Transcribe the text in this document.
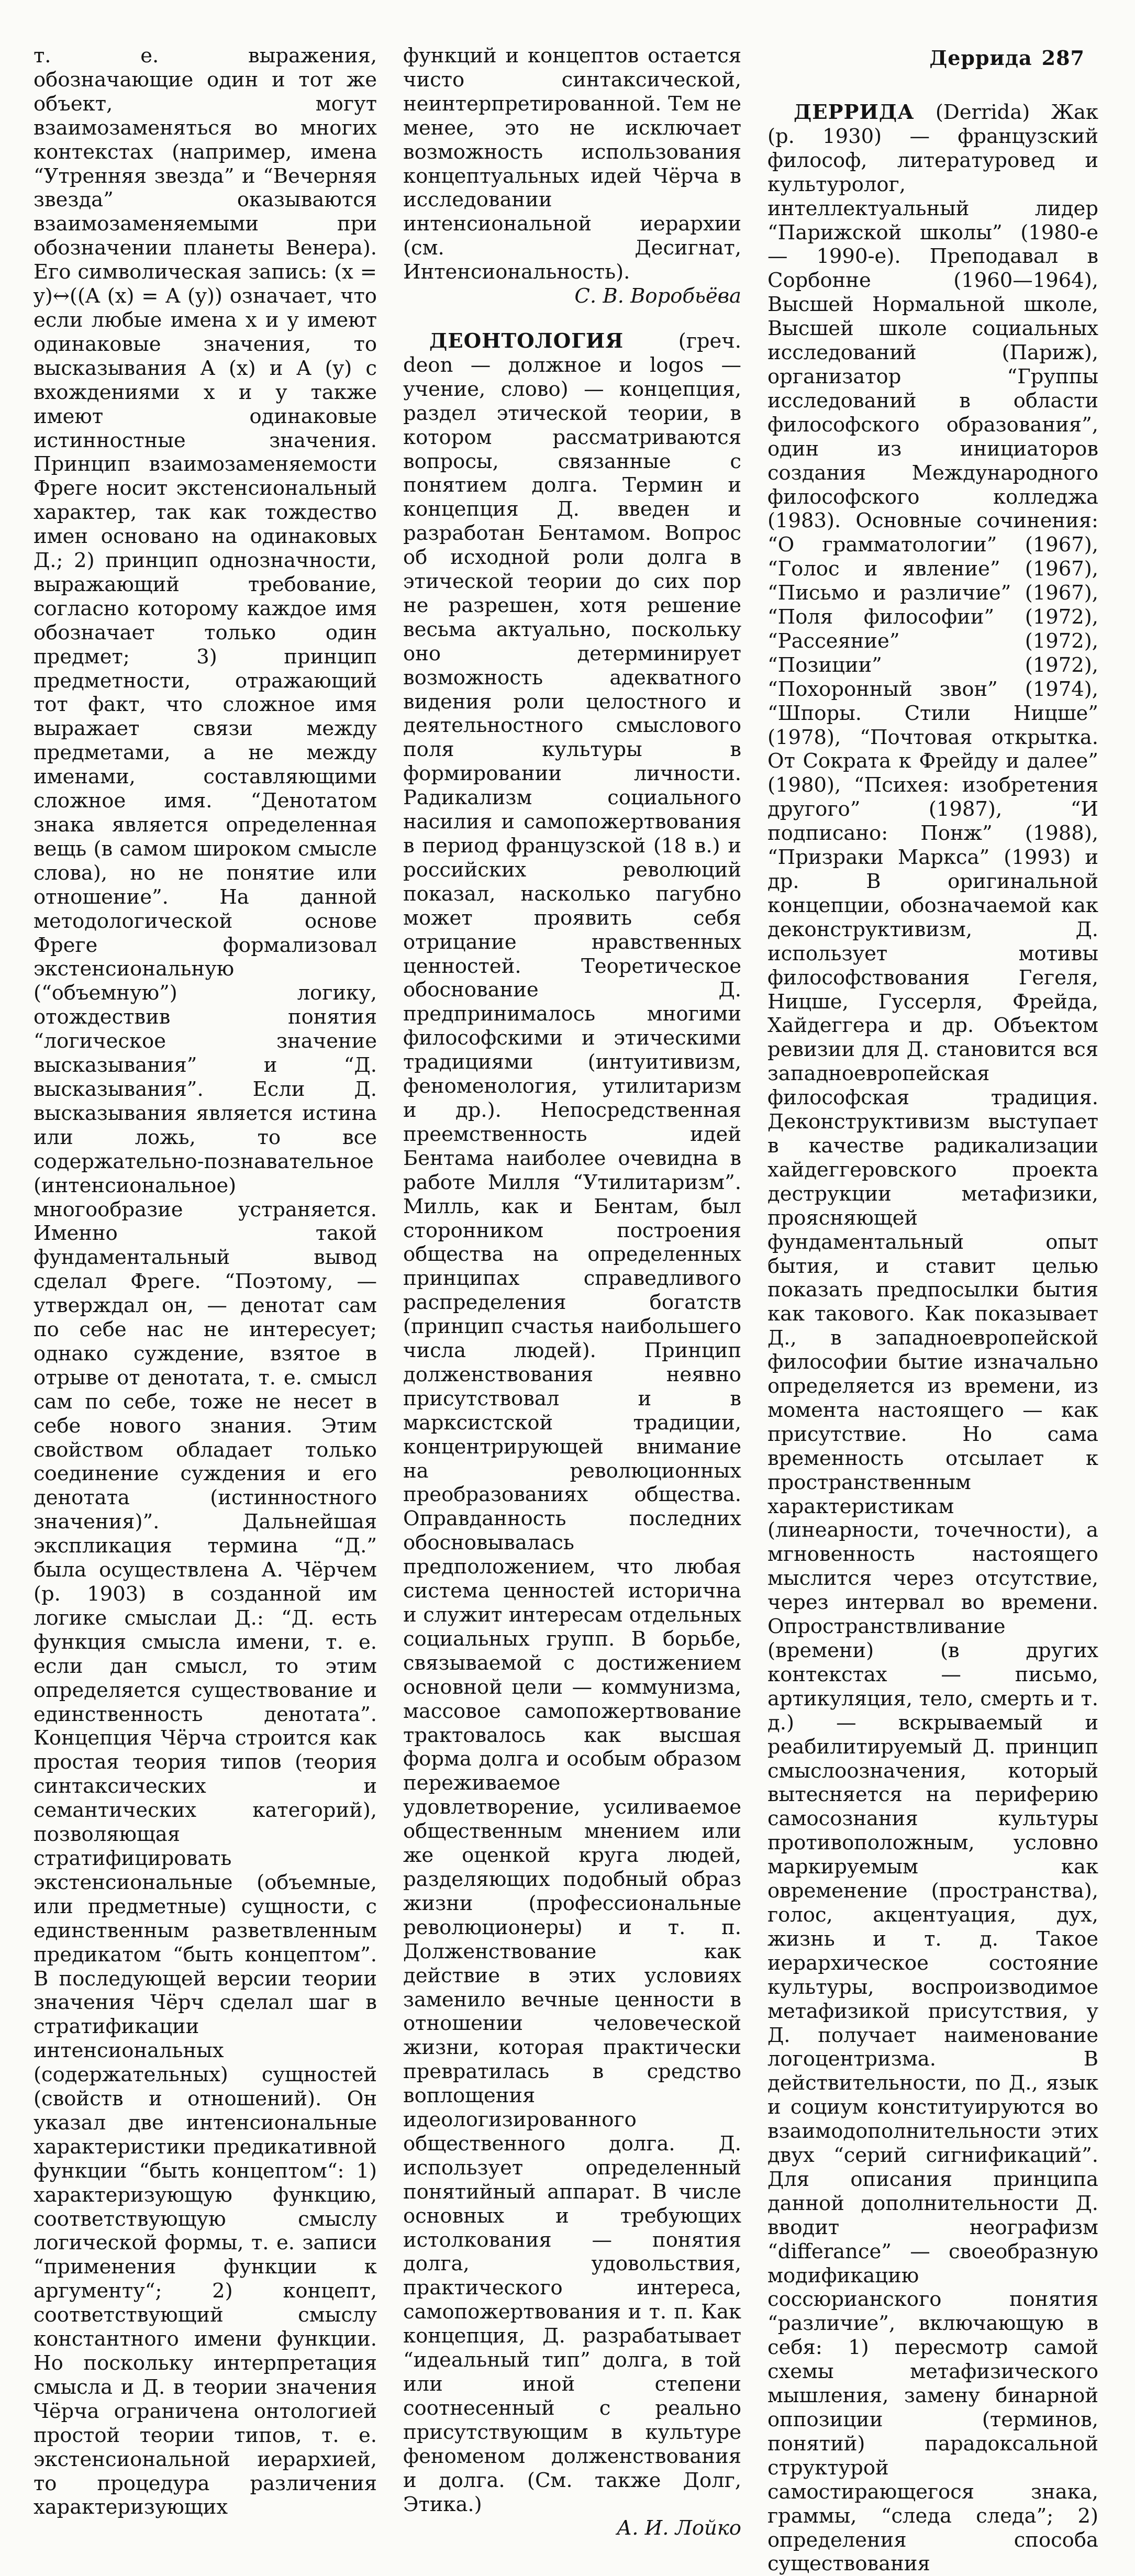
Деррида 287

т. е. выражения, обозначающие один и тот же объект, могут взаимозаменяться во многих контекстах (например, имена “Утренняя звезда” и “Вечерняя звезда” оказываются взаимозаменяемыми при обозначении планеты Венера). Его символическая запись: (x = y)↔((A (x) = A (y)) означает, что если любые имена x и y имеют одинаковые значения, то высказывания A (x) и A (y) с вхождениями x и y также имеют одинаковые истинностные значения. Принцип взаимозаменяемости Фреге носит экстенсиональный характер, так как тождество имен основано на одинаковых Д.; 2) принцип однозначности, выражающий требование, согласно которому каждое имя обозначает только один предмет; 3) принцип предметности, отражающий тот факт, что сложное имя выражает связи между предметами, а не между именами, составляющими сложное имя. “Денотатом знака является определенная вещь (в самом широком смысле слова), но не понятие или отношение”. На данной методологической основе Фреге формализовал экстенсиональную (“объемную”) логику, отождествив понятия “логическое значение высказывания” и “Д. высказывания”. Если Д. высказывания является истина или ложь, то все содержательно-познавательное (интенсиональное) многообразие устраняется. Именно такой фундаментальный вывод сделал Фреге. “Поэтому, — утверждал он, — денотат сам по себе нас не интересует; однако суждение, взятое в отрыве от денотата, т. е. смысл сам по себе, тоже не несет в себе нового знания. Этим свойством обладает только соединение суждения и его денотата (истинностного значения)”. Дальнейшая экспликация термина “Д.” была осуществлена А. Чёрчем (р. 1903) в созданной им логике смыслаи Д.: “Д. есть функция смысла имени, т. е. если дан смысл, то этим определяется существование и единственность денотата”. Концепция Чёрча строится как простая теория типов (теория синтаксических и семантических категорий), позволяющая стратифицировать экстенсиональные (объемные, или предметные) сущности, с единственным разветвленным предикатом “быть концептом”. В последующей версии теории значения Чёрч сделал шаг в стратификации интенсиональных (содержательных) сущностей (свойств и отношений). Он указал две интенсиональные характеристики предикативной функции “быть концептом“: 1) характеризующую функцию, соответствующую смыслу логической формы, т. е. записи “применения функции к аргументу“; 2) концепт, соответствующий смыслу константного имени функции. Но поскольку интерпретация смысла и Д. в теории значения Чёрча ограничена онтологией простой теории типов, т. е. экстенсиональной иерархией, то процедура различения характеризующих

функций и концептов остается чисто синтаксической, неинтерпретированной. Тем не менее, это не исключает возможность использования концептуальных идей Чёрча в исследовании интенсиональной иерархии (см. Десигнат, Интенсиональность).

С. В. Воробьёва

ДЕОНТОЛОГИЯ	(греч. deon — должное и logos — учение, слово) — концепция, раздел этической теории, в котором рассматриваются вопросы, связанные с понятием долга. Термин и концепция Д. введен и разработан Бентамом. Вопрос об исходной роли долга в этической теории до сих пор не разрешен, хотя решение весьма актуально, поскольку оно детерминирует возможность адекватного видения роли целостного и деятельностного смыслового поля культуры в формировании личности. Радикализм социального насилия и самопожертвования в период французской (18 в.) и российских революций показал, насколько пагубно может проявить себя отрицание нравственных ценностей. Теоретическое обоснование Д. предпринималось многими философскими и этическими традициями (интуитивизм, феноменология, утилитаризм и др.). Непосредственная преемственность идей Бентама наиболее очевидна в работе Милля “Утилитаризм”. Милль, как и Бентам, был сторонником построения общества на определенных принципах справедливого распределения богатств (принцип счастья наибольшего числа людей). Принцип долженствования неявно присутствовал и в марксистской традиции, концентрирующей внимание на революционных преобразованиях общества. Оправданность последних обосновывалась предположением, что любая система ценностей исторична и служит интересам отдельных социальных групп. В борьбе, связываемой с достижением основной цели — коммунизма, массовое самопожертвование трактовалось как высшая форма долга и особым образом переживаемое удовлетворение, усиливаемое общественным мнением или же оценкой круга людей, разделяющих подобный образ жизни (профессиональные революционеры) и т. п. Долженствование как действие в этих условиях заменило вечные ценности в отношении человеческой жизни, которая практически превратилась в средство воплощения идеологизированного общественного долга. Д. использует определенный понятийный аппарат. В числе основных и требующих истолкования — понятия долга, удовольствия, практического интереса, самопожертвования и т. п. Как концепция, Д. разрабатывает “идеальный тип” долга, в той или иной степени соотнесенный с реально присутствующим в культуре феноменом долженствования и долга. (См. также Долг, Этика.)

А. И. Лойко

ДЕРРИДА (Derrida) Жак (р. 1930) — французский философ, литературовед и культуролог, интеллектуальный лидер “Парижской школы” (1980-е — 1990-е). Преподавал в Сорбонне (1960—1964), Высшей Нормальной школе, Высшей школе социальных исследований (Париж), организатор “Группы исследований в области философского образования”, один из инициаторов создания Международного философского колледжа (1983). Основные сочинения: “О грамматологии” (1967), “Голос и явление” (1967), “Письмо и различие” (1967), “Поля философии” (1972), “Рассеяние” (1972), “Позиции” (1972), “Похоронный звон” (1974), “Шпоры. Стили Ницше” (1978), “Почтовая открытка. От Сократа к Фрейду и далее” (1980), “Психея: изобретения другого” (1987), “И подписано: Понж” (1988), “Призраки Маркса” (1993) и др. В оригинальной концепции, обозначаемой как деконструктивизм, Д. использует мотивы философствования Гегеля, Ницше, Гуссерля, Фрейда, Хайдеггера и др. Объектом ревизии для Д. становится вся западноевропейская философская традиция. Деконструктивизм выступает в качестве радикализации хайдеггеровского проекта деструкции метафизики, проясняющей фундаментальный опыт бытия, и ставит целью показать предпосылки бытия как такового. Как показывает Д., в западноевропейской философии бытие изначально определяется из времени, из момента настоящего — как присутствие. Но сама временность отсылает к пространственным характеристикам (линеарности, точечности), а мгновенность настоящего мыслится через отсутствие, через интервал во времени. Опространствливание (времени) (в других контекстах — письмо, артикуляция, тело, смерть и т. д.) — вскрываемый и реабилитируемый Д. принцип смыслоозначения, который вытесняется на периферию самосознания культуры противоположным, условно маркируемым как овременение (пространства), голос, акцентуация, дух, жизнь и т. д. Такое иерархическое состояние культуры, воспроизводимое метафизикой присутствия, у Д. получает наименование логоцентризма. В действительности, по Д., язык и социум конституируются во взаимодополнительности этих двух “серий сигнификаций”. Для описания принципа данной дополнительности Д. вводит неографизм “differance” — своеобразную модификацию соссюрианского понятия “различие”, включающую в себя: 1) пересмотр самой схемы метафизического мышления, замену бинарной оппозиции (терминов, понятий) парадоксальной структурой самостирающегося знака, граммы, “следа следа”; 2) определения способа существования
